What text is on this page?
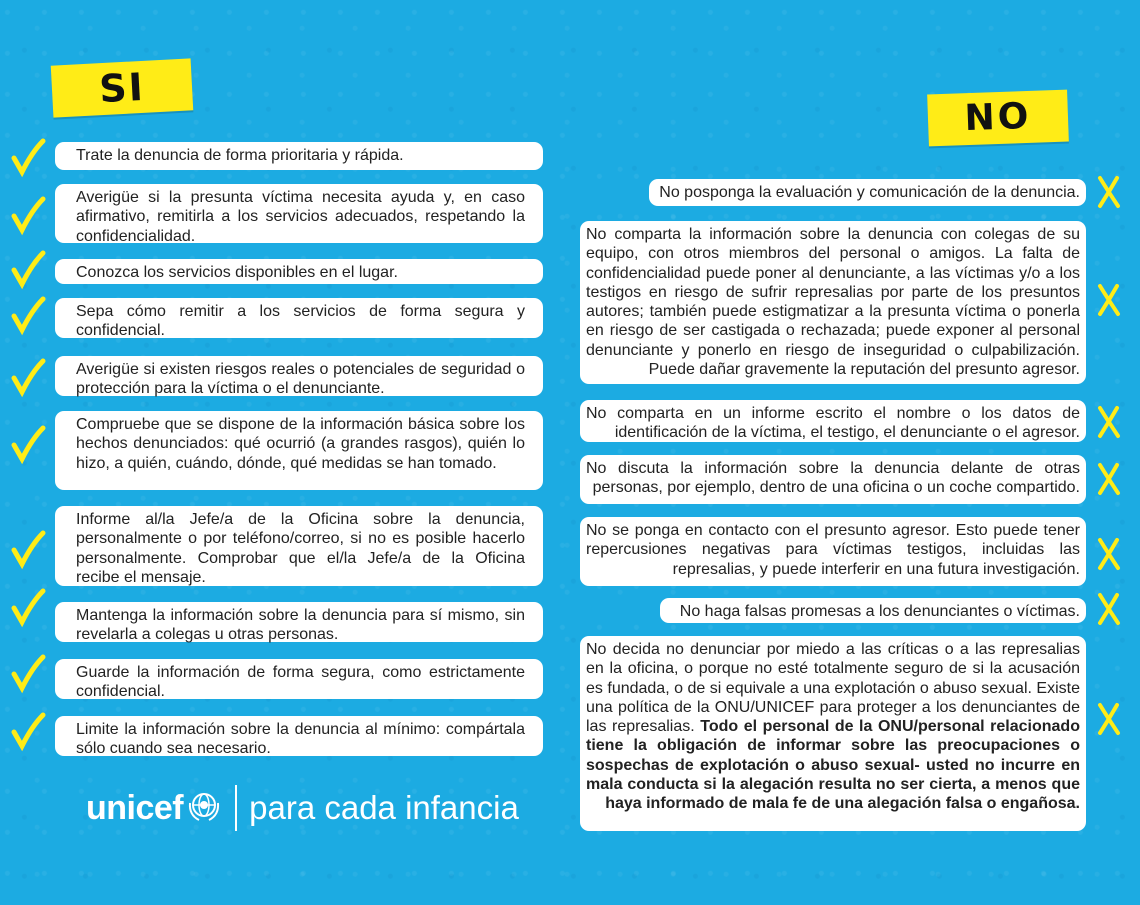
SI
NO
Trate la denuncia de forma prioritaria y rápida.
Averigüe si la presunta víctima necesita ayuda y, en caso afirmativo, remitirla a los servicios adecuados, respetando la confidencialidad.
Conozca los servicios disponibles en el lugar.
Sepa cómo remitir a los servicios de forma segura y confidencial.
Averigüe si existen riesgos reales o potenciales de seguridad o protección para la víctima o el denunciante.
Compruebe que se dispone de la información básica sobre los hechos denunciados: qué ocurrió (a grandes rasgos), quién lo hizo, a quién, cuándo, dónde, qué medidas se han tomado.
Informe al/la Jefe/a de la Oficina sobre la denuncia, personalmente o por teléfono/correo, si no es posible hacerlo personalmente. Comprobar que el/la Jefe/a de la Oficina recibe el mensaje.
Mantenga la información sobre la denuncia para sí mismo, sin revelarla a colegas u otras personas.
Guarde la información de forma segura, como estrictamente confidencial.
Limite la información sobre la denuncia al mínimo: compártala sólo cuando sea necesario.
No posponga la evaluación y comunicación de la denuncia.
No comparta la información sobre la denuncia con colegas de su equipo, con otros miembros del personal o amigos. La falta de confidencialidad puede poner al denunciante, a las víctimas y/o a los testigos en riesgo de sufrir represalias por parte de los presuntos autores; también puede estigmatizar a la presunta víctima o ponerla en riesgo de ser castigada o rechazada; puede exponer al personal denunciante y ponerlo en riesgo de inseguridad o culpabilización. Puede dañar gravemente la reputación del presunto agresor.
No comparta en un informe escrito el nombre o los datos de identificación de la víctima, el testigo, el denunciante o el agresor.
No discuta la información sobre la denuncia delante de otras personas, por ejemplo, dentro de una oficina o un coche compartido.
No se ponga en contacto con el presunto agresor. Esto puede tener repercusiones negativas para víctimas testigos, incluidas las represalias, y puede interferir en una futura investigación.
No haga falsas promesas a los denunciantes o víctimas.
No decida no denunciar por miedo a las críticas o a las represalias en la oficina, o porque no esté totalmente seguro de si la acusación es fundada, o de si equivale a una explotación o abuso sexual. Existe una política de la ONU/UNICEF para proteger a los denunciantes de las represalias. Todo el personal de la ONU/personal relacionado tiene la obligación de informar sobre las preocupaciones o sospechas de explotación o abuso sexual- usted no incurre en mala conducta si la alegación resulta no ser cierta, a menos que haya informado de mala fe de una alegación falsa o engañosa.
unicef para cada infancia
